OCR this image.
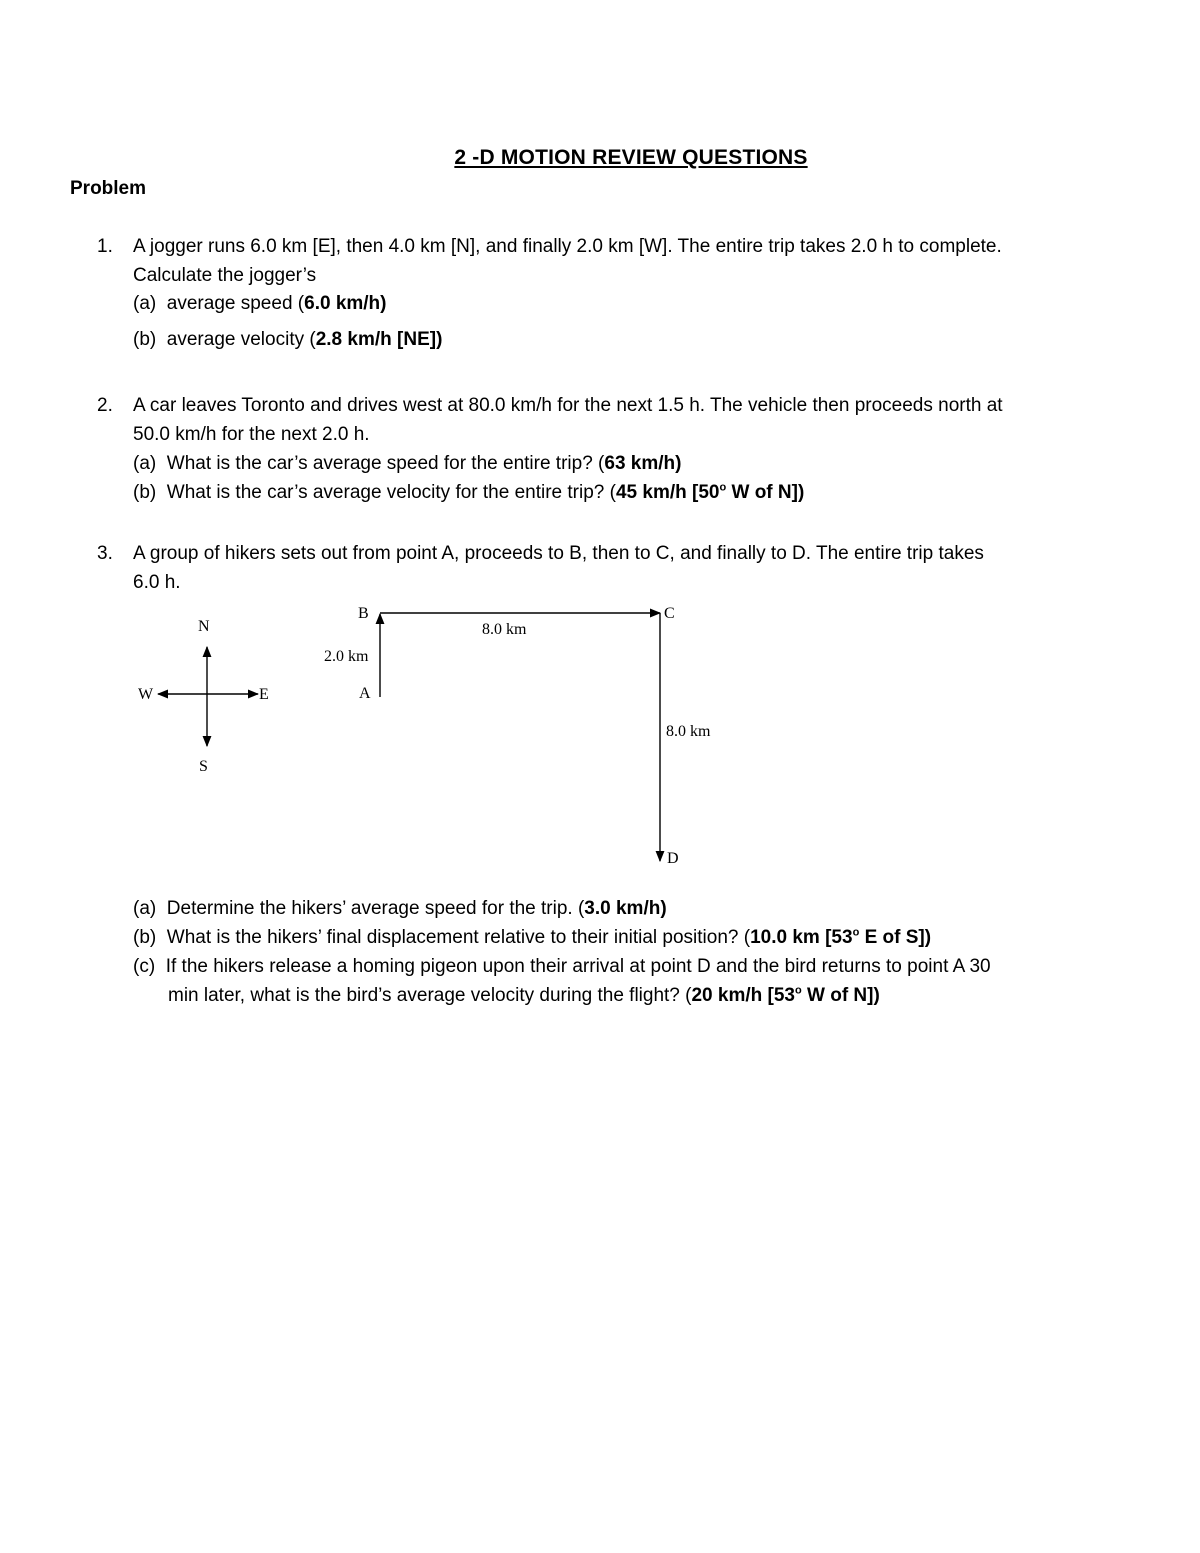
2 -D MOTION REVIEW QUESTIONS
Problem
1. A jogger runs 6.0 km [E], then 4.0 km [N], and finally 2.0 km [W]. The entire trip takes 2.0 h to complete.
Calculate the jogger’s
(a) average speed (6.0 km/h)
(b) average velocity (2.8 km/h [NE])
2. A car leaves Toronto and drives west at 80.0 km/h for the next 1.5 h. The vehicle then proceeds north at
50.0 km/h for the next 2.0 h.
(a) What is the car’s average speed for the entire trip? (63 km/h)
(b) What is the car’s average velocity for the entire trip? (45 km/h [50$^o$ W of N])
3. A group of hikers sets out from point A, proceeds to B, then to C, and finally to D. The entire trip takes
6.0 h.
N
S
E
W	A
B	C
D
2.0 km
8.0 km
8.0 km
(a) Determine the hikers’ average speed for the trip. (3.0 km/h)
(b) What is the hikers’ final displacement relative to their initial position? (10.0 km [53$^o$ E of S])
(c) If the hikers release a homing pigeon upon their arrival at point D and the bird returns to point A 30
min later, what is the bird’s average velocity during the flight? (20 km/h [53$^o$ W of N])
